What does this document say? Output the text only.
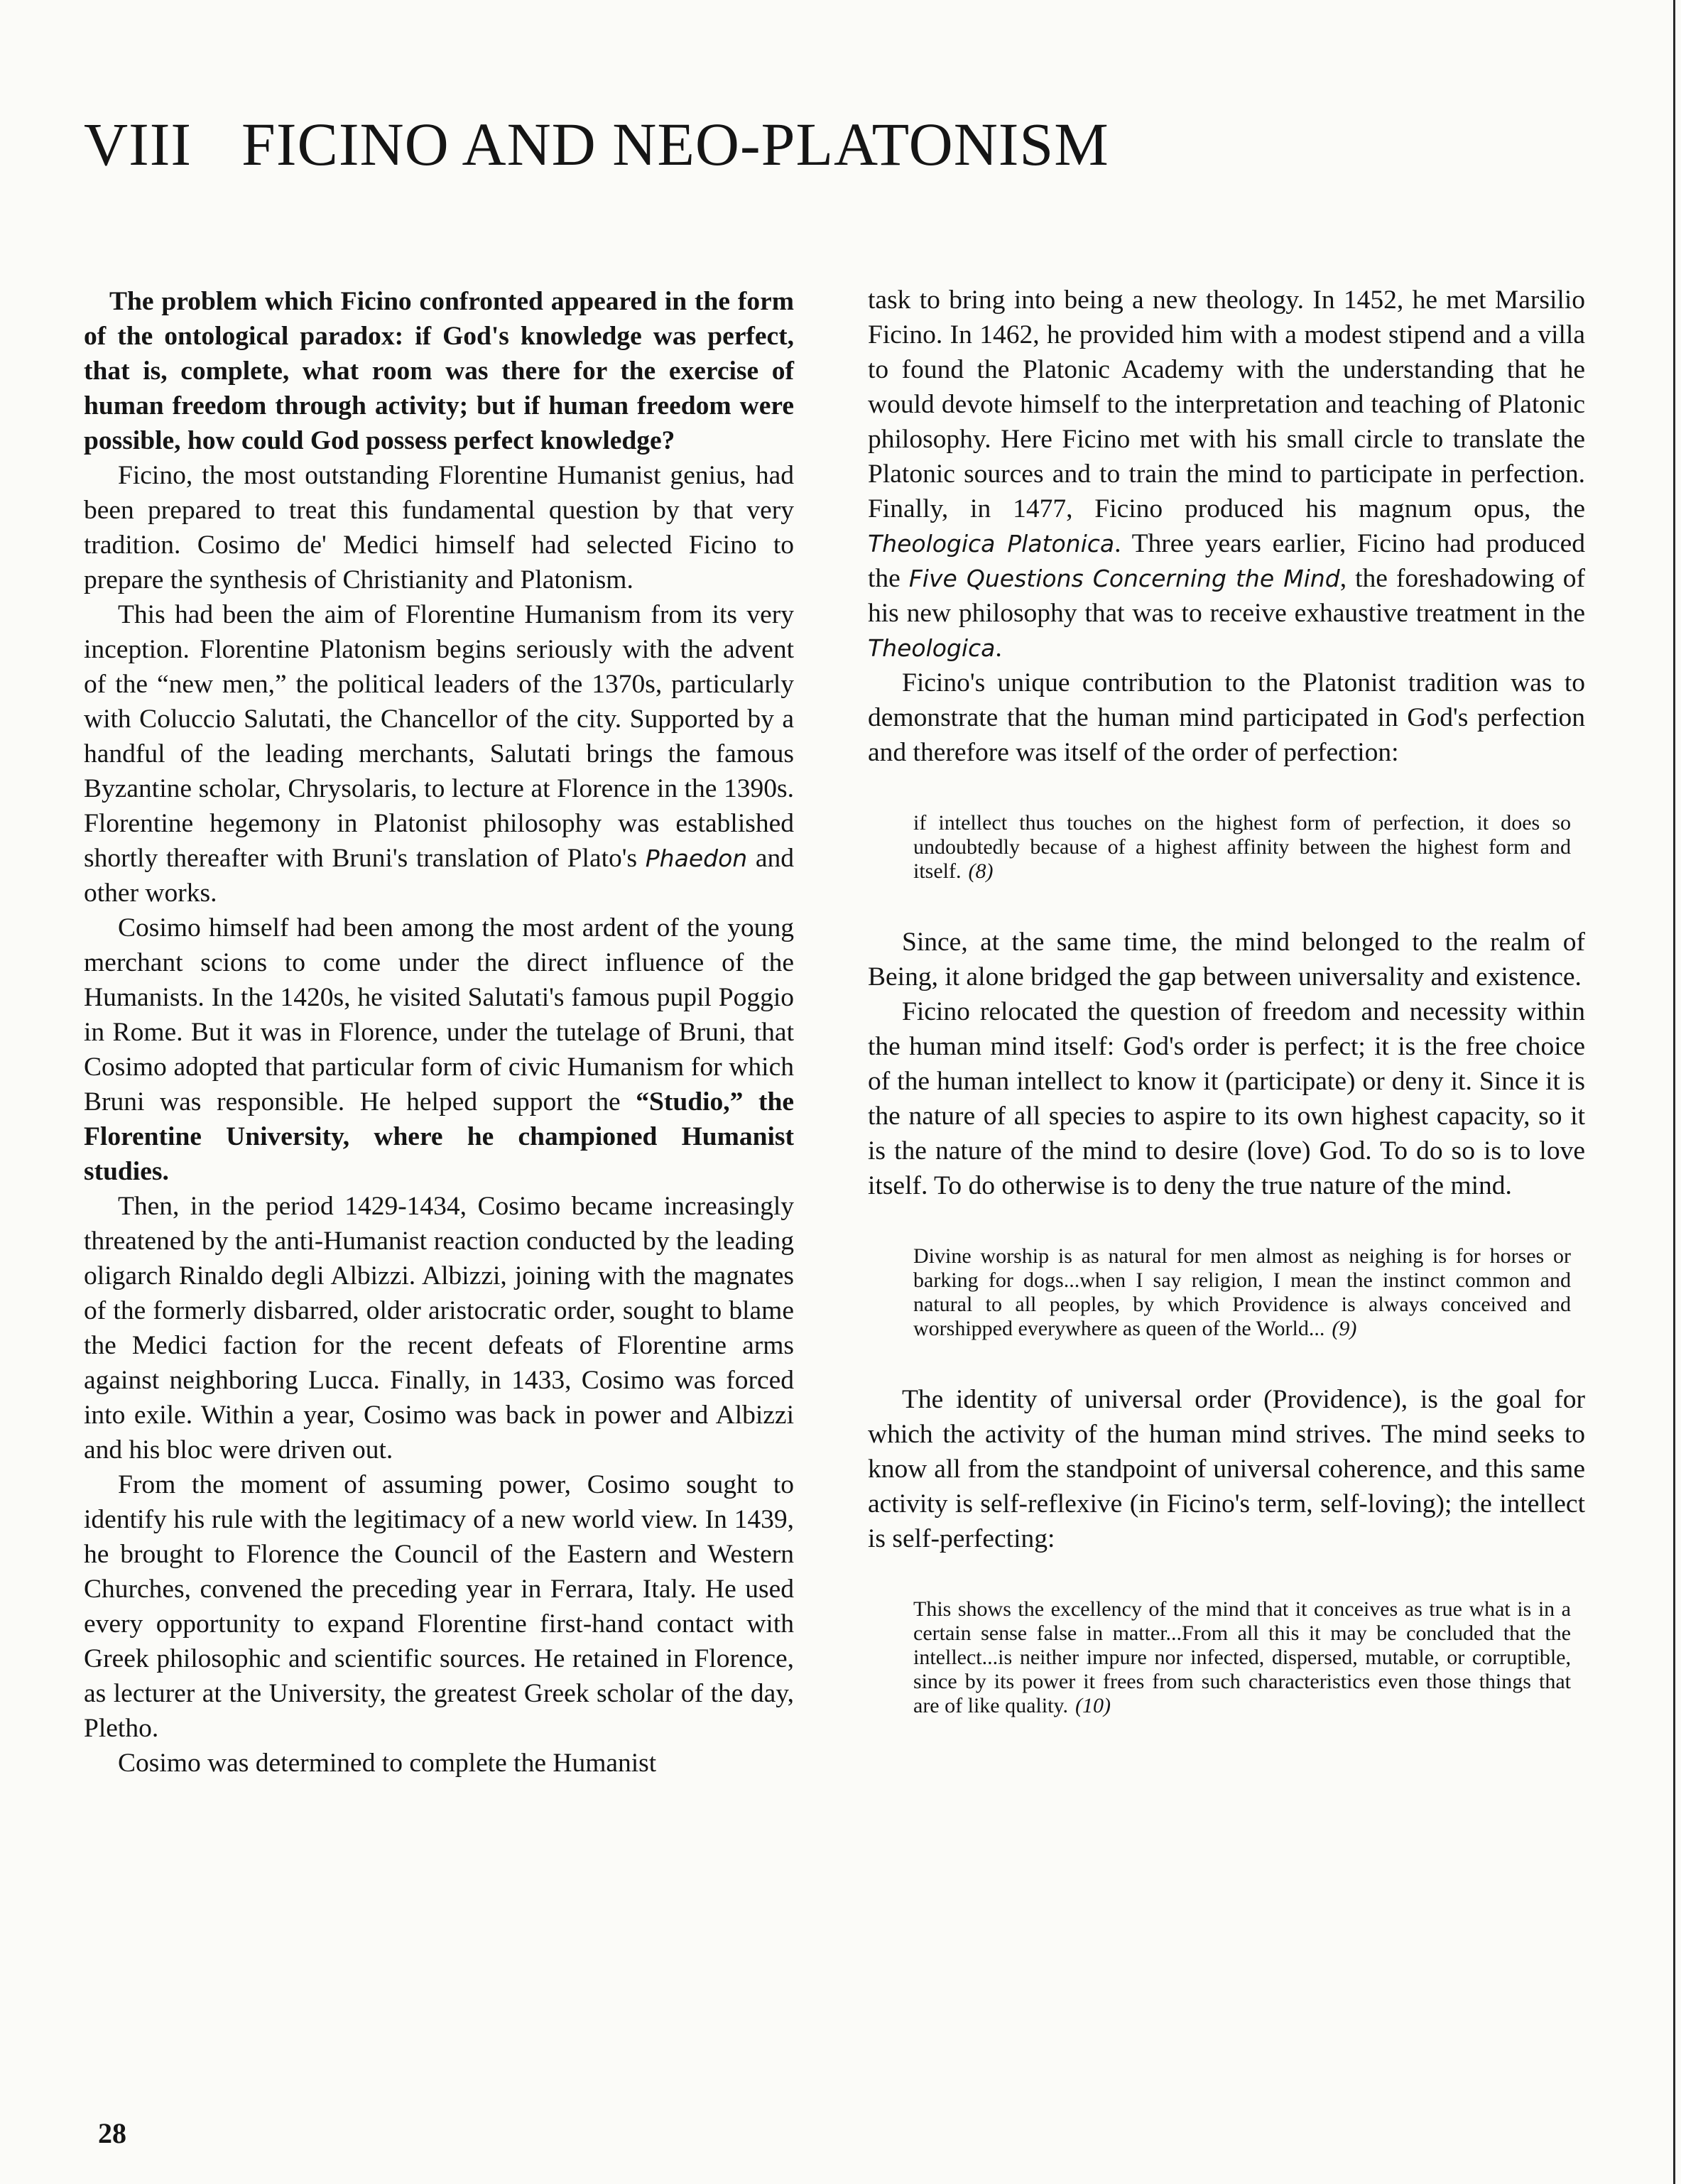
VIII FICINO AND NEO-PLATONISM

The problem which Ficino confronted appeared in the form of the ontological paradox: if God's knowledge was perfect, that is, complete, what room was there for the exercise of human freedom through activity; but if human freedom were possible, how could God possess perfect knowledge?

Ficino, the most outstanding Florentine Humanist genius, had been prepared to treat this fundamental question by that very tradition. Cosimo de' Medici himself had selected Ficino to prepare the synthesis of Christianity and Platonism.

This had been the aim of Florentine Humanism from its very inception. Florentine Platonism begins seriously with the advent of the “new men,” the political leaders of the 1370s, particularly with Coluccio Salutati, the Chancellor of the city. Supported by a handful of the leading merchants, Salutati brings the famous Byzantine scholar, Chrysolaris, to lecture at Florence in the 1390s. Florentine hegemony in Platonist philosophy was established shortly thereafter with Bruni's translation of Plato's Phaedon and other works.

Cosimo himself had been among the most ardent of the young merchant scions to come under the direct influence of the Humanists. In the 1420s, he visited Salutati's famous pupil Poggio in Rome. But it was in Florence, under the tutelage of Bruni, that Cosimo adopted that particular form of civic Humanism for which Bruni was responsible. He helped support the “Studio,” the Florentine University, where he championed Humanist studies.

Then, in the period 1429-1434, Cosimo became increasingly threatened by the anti-Humanist reaction conducted by the leading oligarch Rinaldo degli Albizzi. Albizzi, joining with the magnates of the formerly disbarred, older aristocratic order, sought to blame the Medici faction for the recent defeats of Florentine arms against neighboring Lucca. Finally, in 1433, Cosimo was forced into exile. Within a year, Cosimo was back in power and Albizzi and his bloc were driven out.

From the moment of assuming power, Cosimo sought to identify his rule with the legitimacy of a new world view. In 1439, he brought to Florence the Council of the Eastern and Western Churches, convened the preceding year in Ferrara, Italy. He used every opportunity to expand Florentine first-hand contact with Greek philosophic and scientific sources. He retained in Florence, as lecturer at the University, the greatest Greek scholar of the day, Pletho.

Cosimo was determined to complete the Humanist

task to bring into being a new theology. In 1452, he met Marsilio Ficino. In 1462, he provided him with a modest stipend and a villa to found the Platonic Academy with the understanding that he would devote himself to the interpretation and teaching of Platonic philosophy. Here Ficino met with his small circle to translate the Platonic sources and to train the mind to participate in perfection. Finally, in 1477, Ficino produced his magnum opus, the Theologica Platonica. Three years earlier, Ficino had produced the Five Questions Concerning the Mind, the foreshadowing of his new philosophy that was to receive exhaustive treatment in the Theologica.

Ficino's unique contribution to the Platonist tradition was to demonstrate that the human mind participated in God's perfection and therefore was itself of the order of perfection:

if intellect thus touches on the highest form of perfection, it does so undoubtedly because of a highest affinity between the highest form and itself. (8)

Since, at the same time, the mind belonged to the realm of Being, it alone bridged the gap between universality and existence.

Ficino relocated the question of freedom and necessity within the human mind itself: God's order is perfect; it is the free choice of the human intellect to know it (participate) or deny it. Since it is the nature of all species to aspire to its own highest capacity, so it is the nature of the mind to desire (love) God. To do so is to love itself. To do otherwise is to deny the true nature of the mind.

Divine worship is as natural for men almost as neighing is for horses or barking for dogs...when I say religion, I mean the instinct common and natural to all peoples, by which Providence is always conceived and worshipped everywhere as queen of the World... (9)

The identity of universal order (Providence), is the goal for which the activity of the human mind strives. The mind seeks to know all from the standpoint of universal coherence, and this same activity is self-reflexive (in Ficino's term, self-loving); the intellect is self-perfecting:

This shows the excellency of the mind that it conceives as true what is in a certain sense false in matter...From all this it may be concluded that the intellect...is neither impure nor infected, dispersed, mutable, or corruptible, since by its power it frees from such characteristics even those things that are of like quality. (10)

28
